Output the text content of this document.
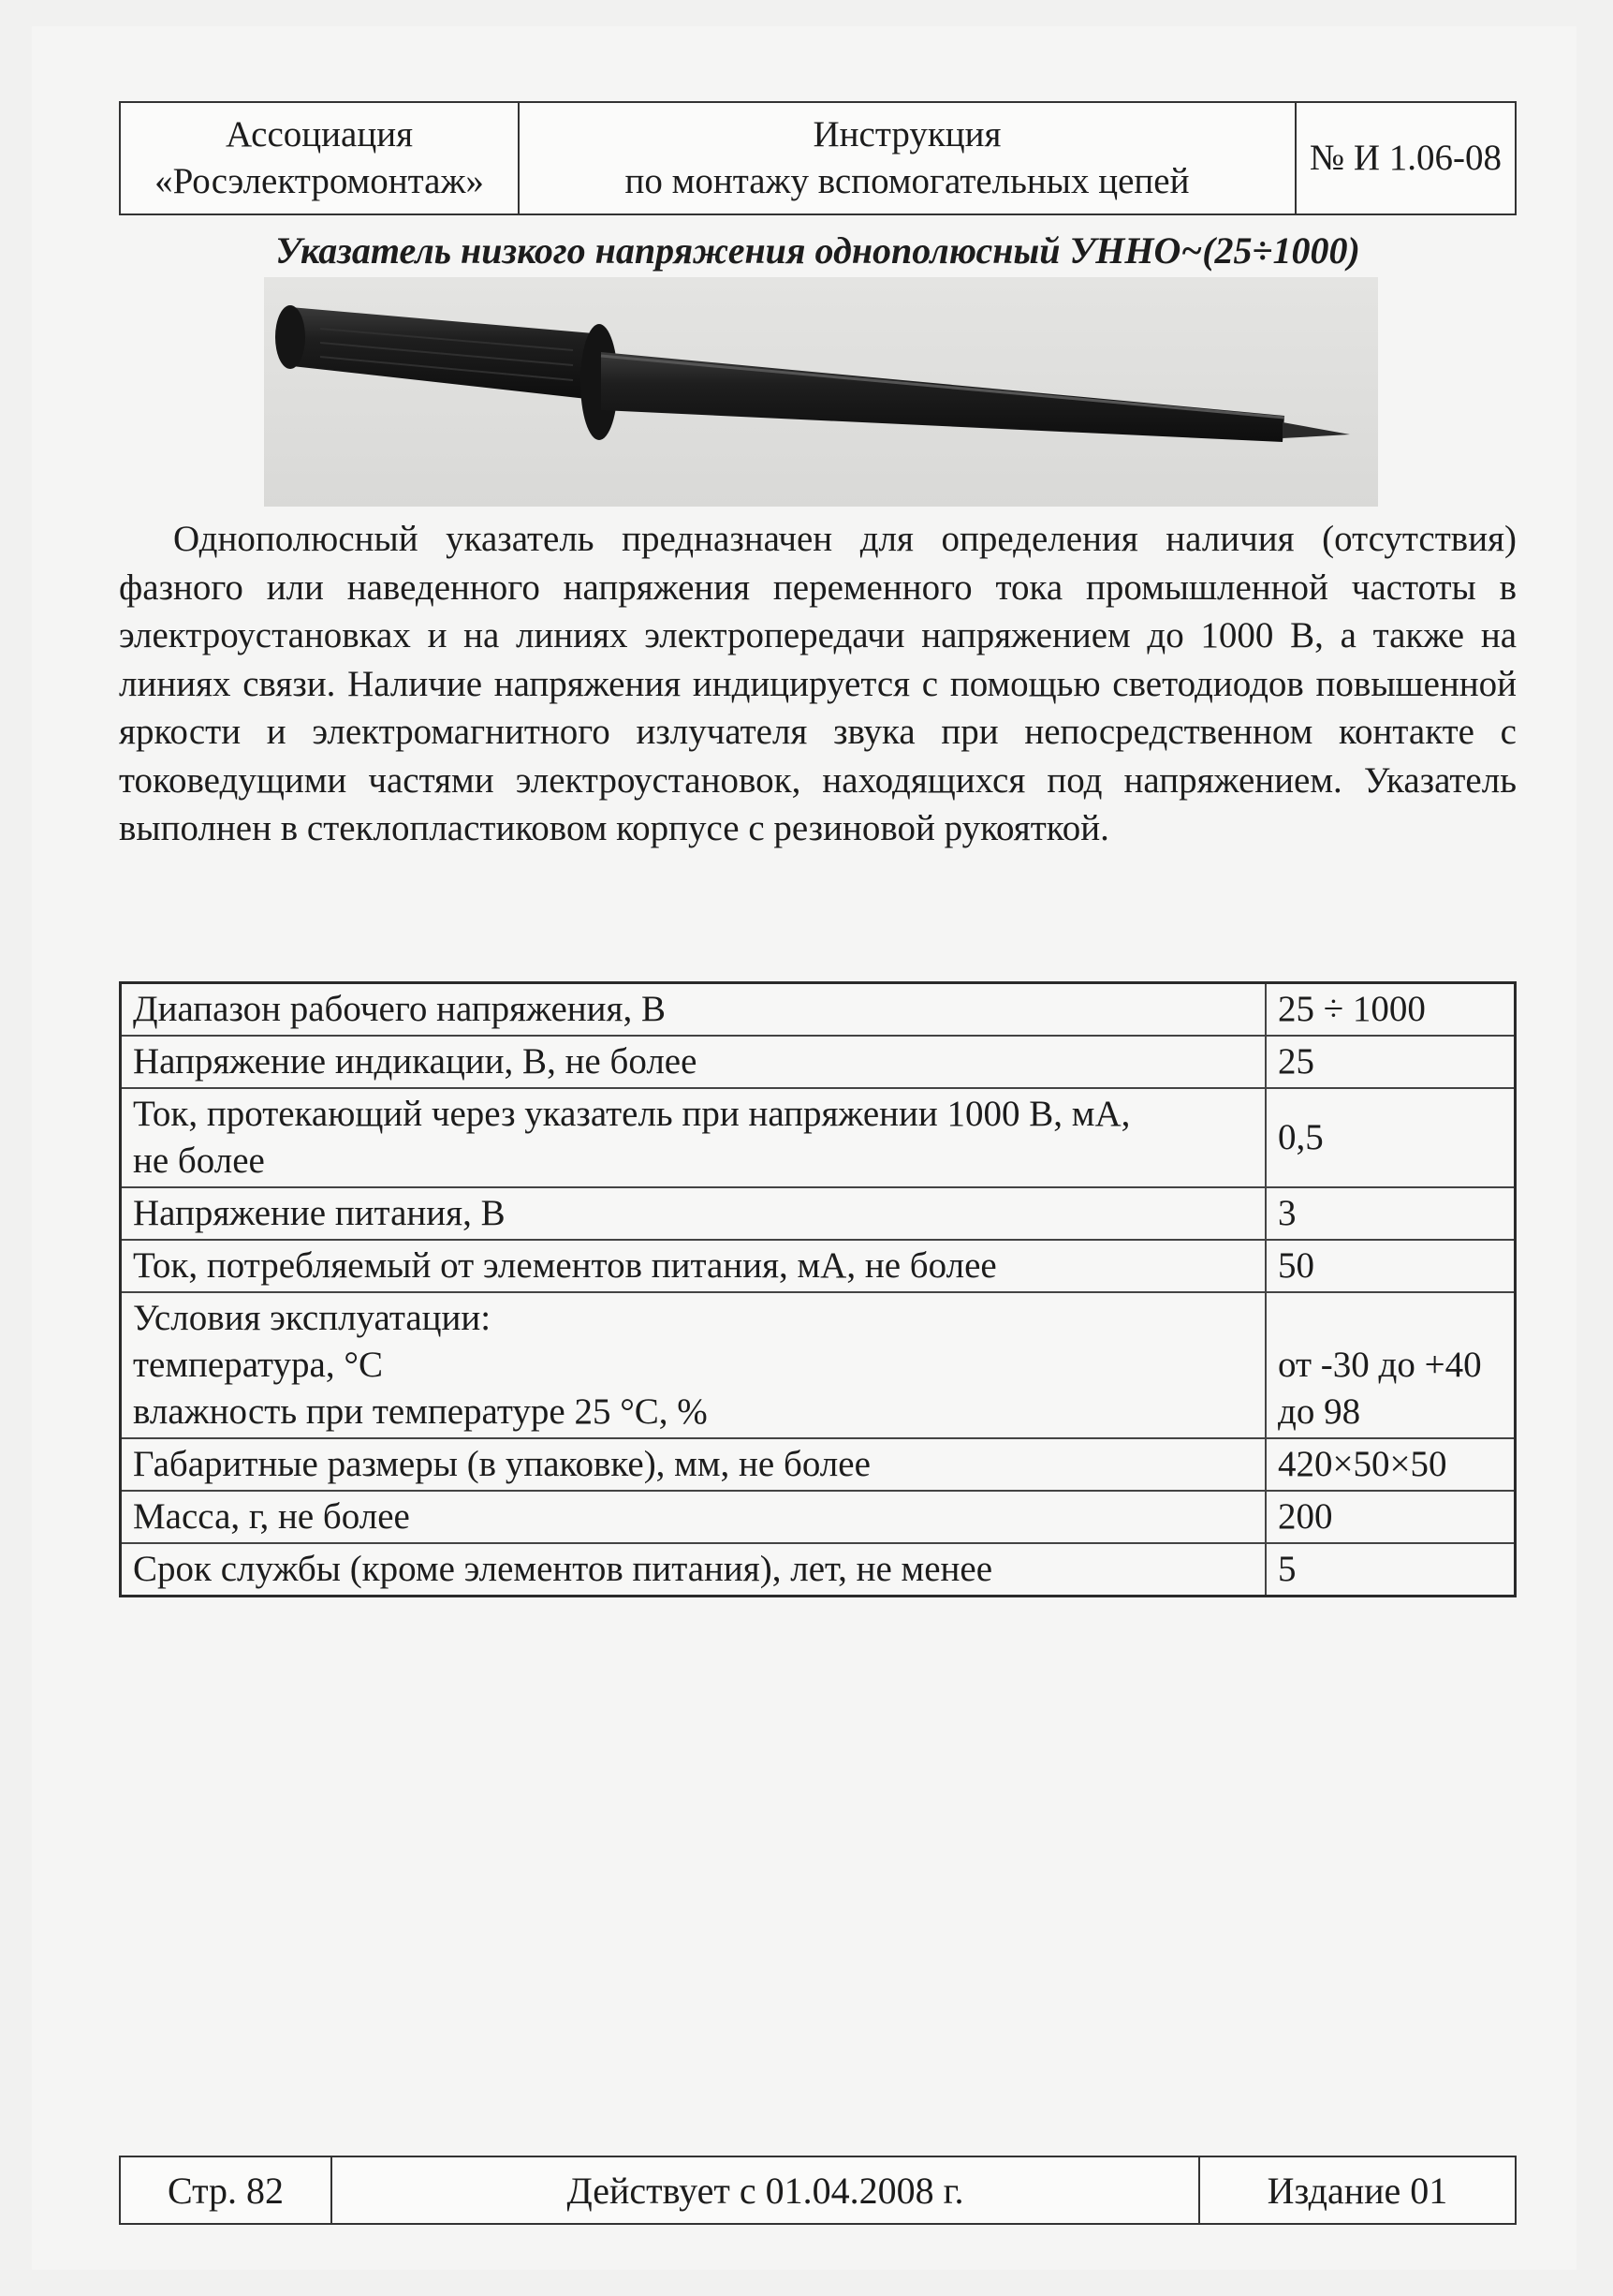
Ассоциация
«Росэлектромонтаж»
Инструкция
по монтажу вспомогательных цепей
№ И 1.06-08
Указатель низкого напряжения однополюсный УННО~(25÷1000)
Однополюсный указатель предназначен для определения наличия (отсутствия) фазного или наведенного напряжения переменного тока промышленной частоты в электроустановках и на линиях электропередачи напряжением до 1000 В, а также на линиях связи. Наличие напряжения индицируется с помощью светодиодов повышенной яркости и электромагнитного излучателя звука при непосредственном контакте с токоведущими частями электроустановок, находящихся под напряжением. Указатель выполнен в стеклопластиковом корпусе с резиновой рукояткой.
Диапазон рабочего напряжения, В	25 ÷ 1000
Напряжение индикации, В, не более	25
Ток, протекающий через указатель при напряжении 1000 В, мА,
не более	0,5
Напряжение питания, В	3
Ток, потребляемый от элементов питания, мА, не более	50
Условия эксплуатации:
температура, °С
влажность при температуре 25 °С, %	от -30 до +40
до 98
Габаритные размеры (в упаковке), мм, не более	420×50×50
Масса, г, не более	200
Срок службы (кроме элементов питания), лет, не менее	5
Стр. 82	Действует с 01.04.2008 г.	Издание 01
